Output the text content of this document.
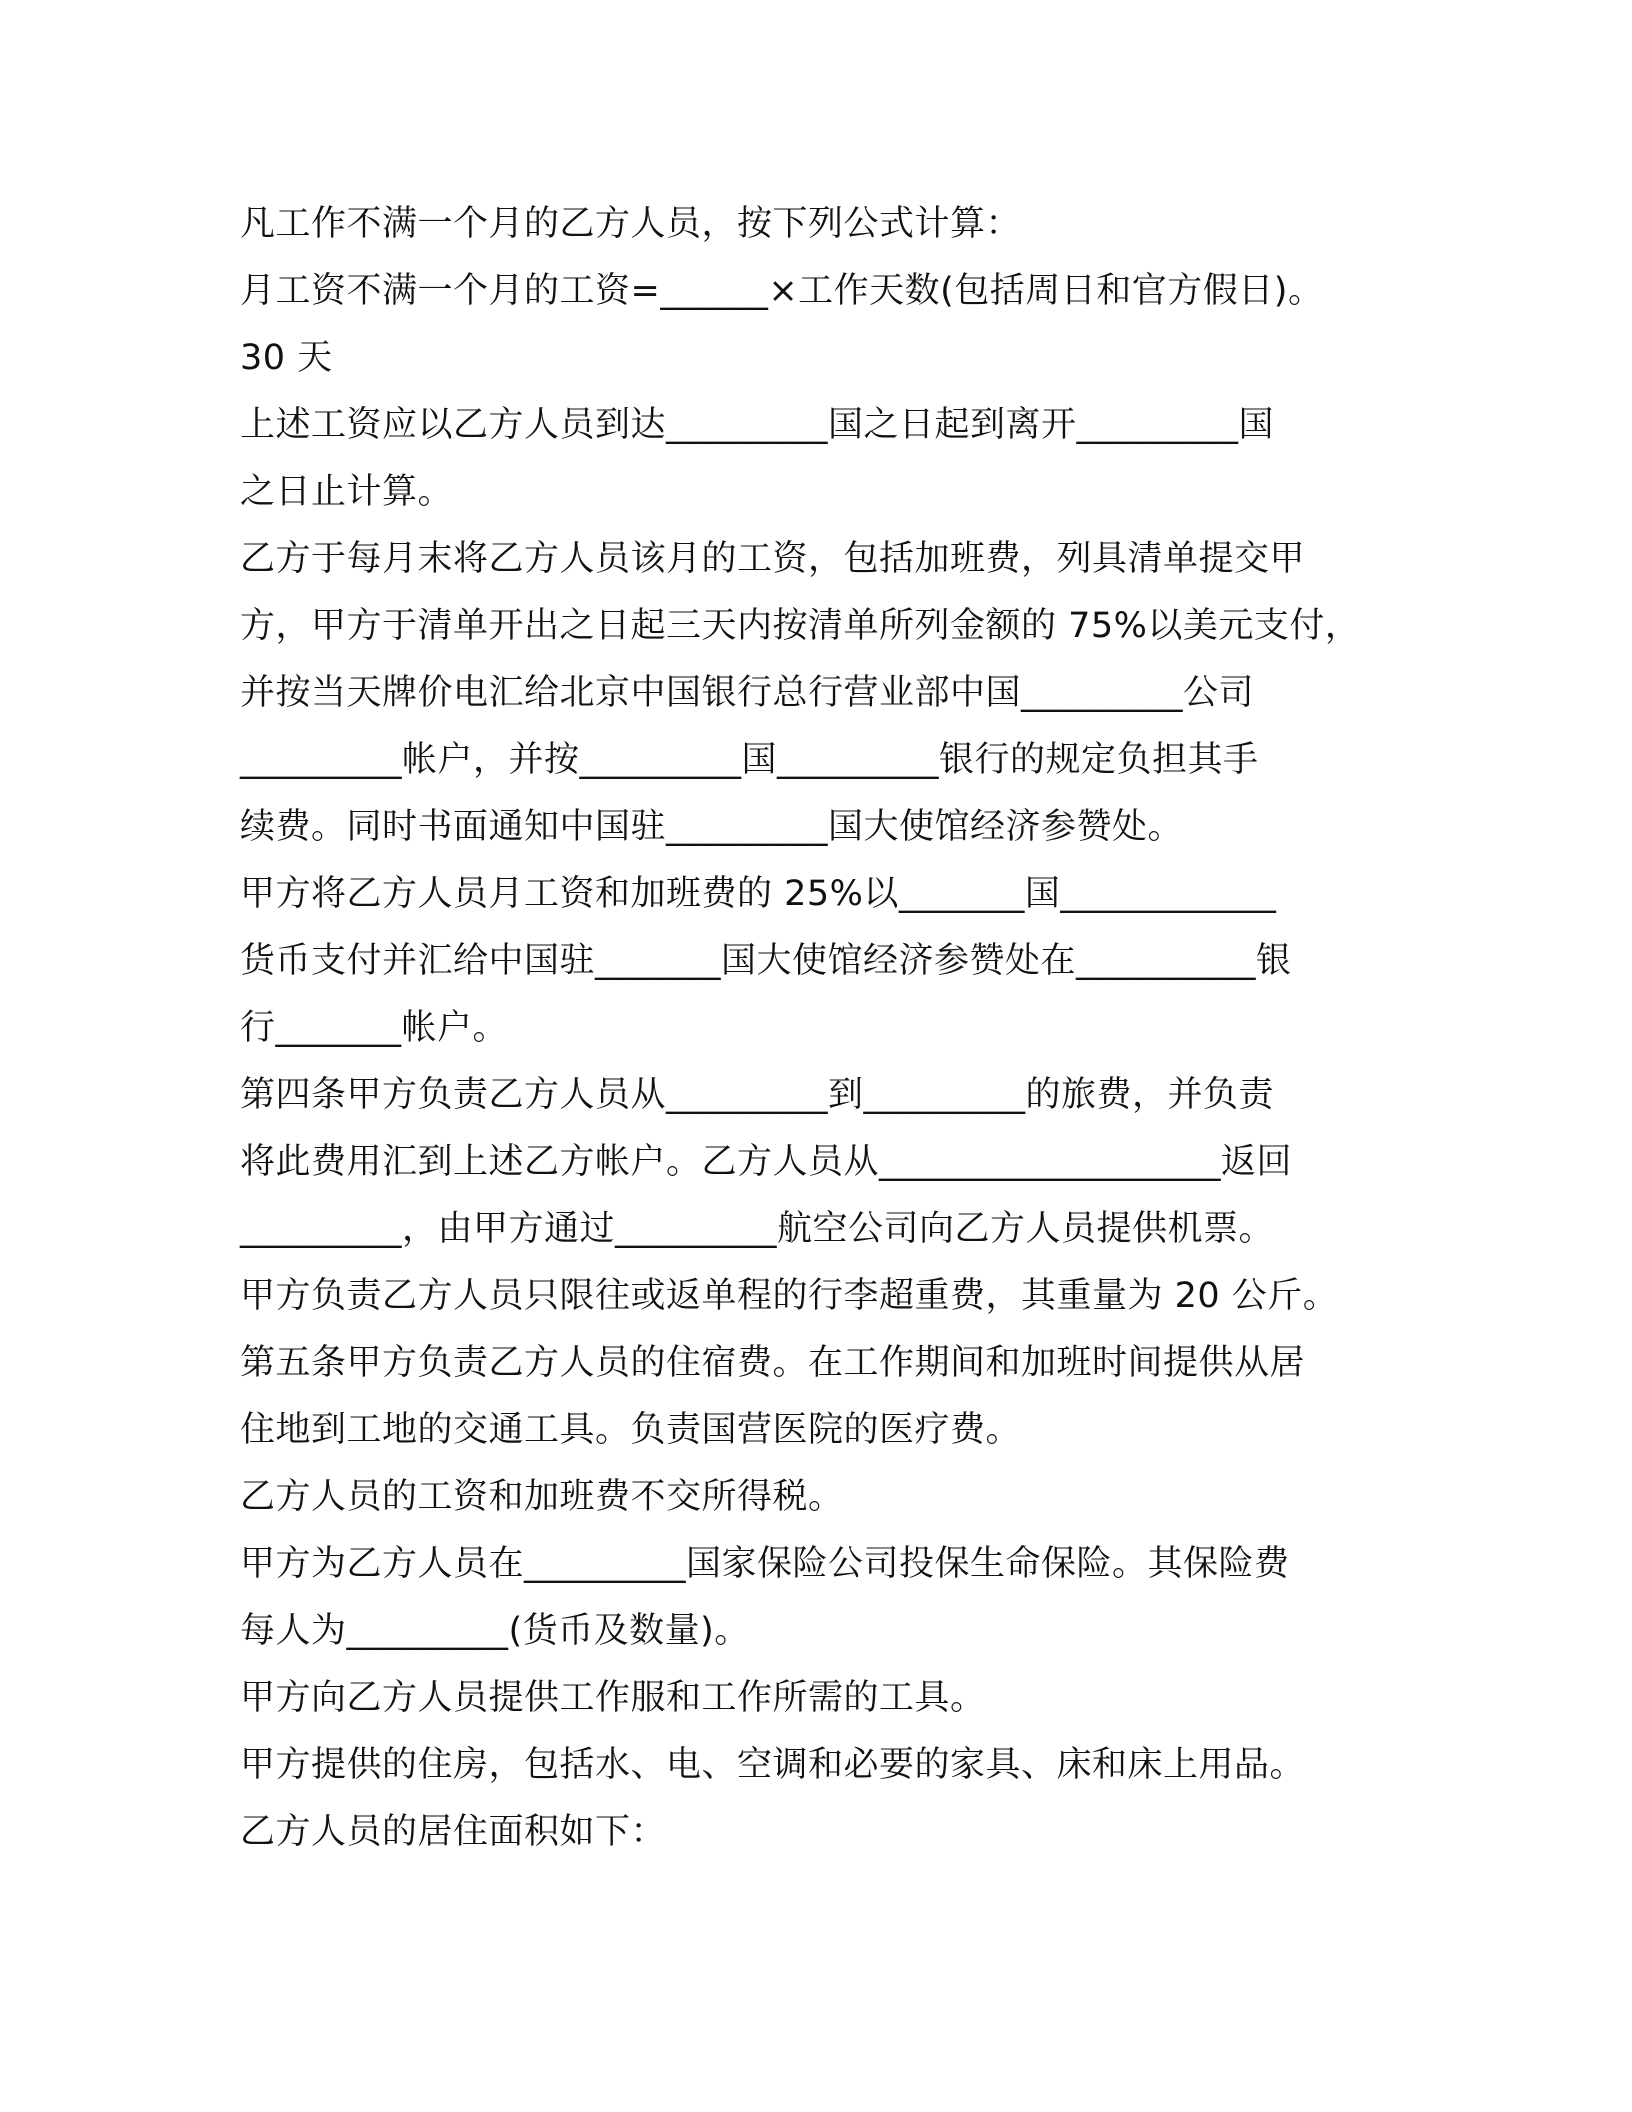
凡工作不满一个月的乙方人员，按下列公式计算：
月工资不满一个月的工资=______×工作天数(包括周日和官方假日)。
30 天
上述工资应以乙方人员到达_________国之日起到离开_________国
之日止计算。
乙方于每月末将乙方人员该月的工资，包括加班费，列具清单提交甲
方，甲方于清单开出之日起三天内按清单所列金额的 75%以美元支付，
并按当天牌价电汇给北京中国银行总行营业部中国_________公司
_________帐户，并按_________国_________银行的规定负担其手
续费。同时书面通知中国驻_________国大使馆经济参赞处。
甲方将乙方人员月工资和加班费的 25%以_______国____________
货币支付并汇给中国驻_______国大使馆经济参赞处在__________银
行_______帐户。
第四条甲方负责乙方人员从_________到_________的旅费，并负责
将此费用汇到上述乙方帐户。乙方人员从___________________返回
_________，由甲方通过_________航空公司向乙方人员提供机票。
甲方负责乙方人员只限往或返单程的行李超重费，其重量为 20 公斤。
第五条甲方负责乙方人员的住宿费。在工作期间和加班时间提供从居
住地到工地的交通工具。负责国营医院的医疗费。
乙方人员的工资和加班费不交所得税。
甲方为乙方人员在_________国家保险公司投保生命保险。其保险费
每人为_________(货币及数量)。
甲方向乙方人员提供工作服和工作所需的工具。
甲方提供的住房，包括水、电、空调和必要的家具、床和床上用品。
乙方人员的居住面积如下：
